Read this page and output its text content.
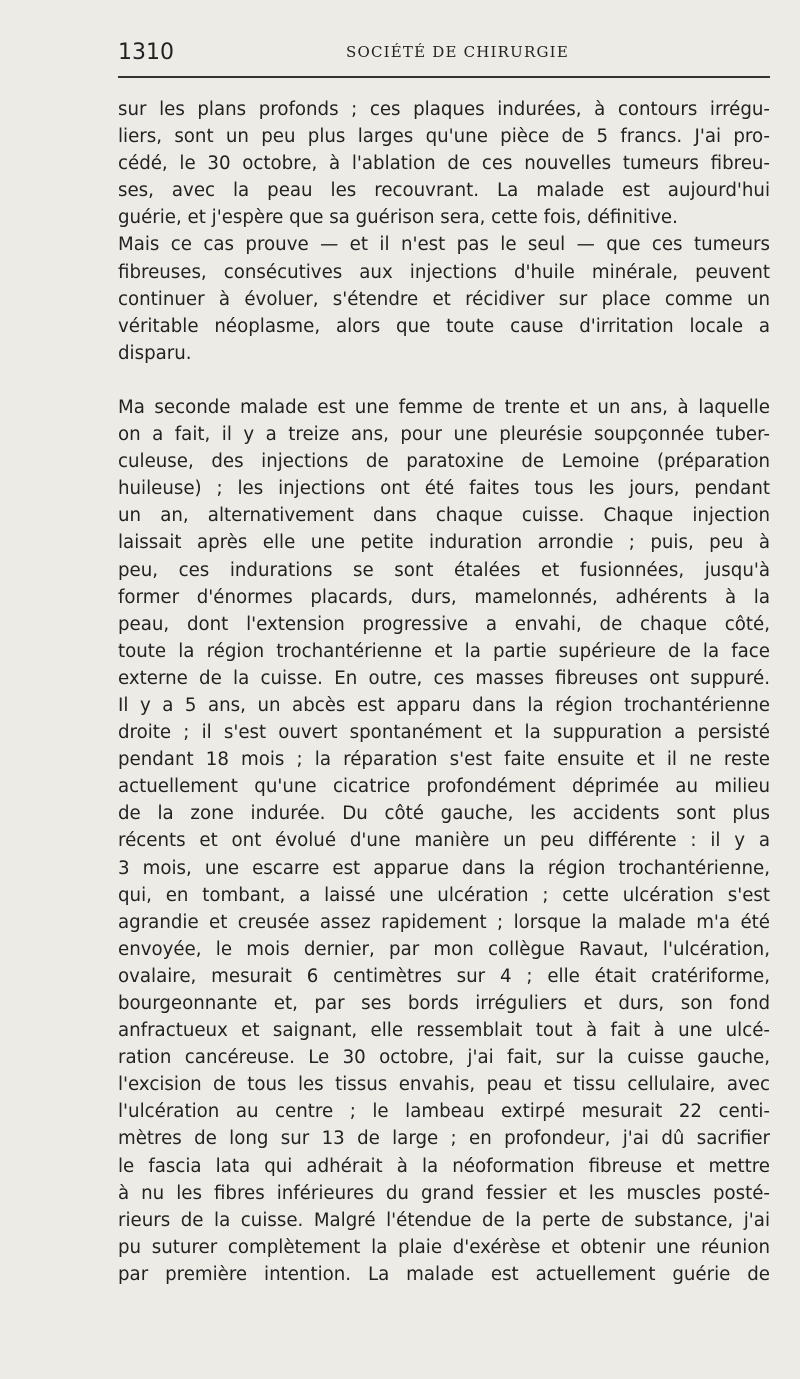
1310	SOCIÉTÉ DE CHIRURGIE
sur les plans profonds ; ces plaques indurées, à contours irrégu-
liers, sont un peu plus larges qu'une pièce de 5 francs. J'ai pro-
cédé, le 30 octobre, à l'ablation de ces nouvelles tumeurs fibreu-
ses, avec la peau les recouvrant. La malade est aujourd'hui
guérie, et j'espère que sa guérison sera, cette fois, définitive.
Mais ce cas prouve — et il n'est pas le seul — que ces tumeurs
fibreuses, consécutives aux injections d'huile minérale, peuvent
continuer à évoluer, s'étendre et récidiver sur place comme un
véritable néoplasme, alors que toute cause d'irritation locale a
disparu.
Ma seconde malade est une femme de trente et un ans, à laquelle
on a fait, il y a treize ans, pour une pleurésie soupçonnée tuber-
culeuse, des injections de paratoxine de Lemoine (préparation
huileuse) ; les injections ont été faites tous les jours, pendant
un an, alternativement dans chaque cuisse. Chaque injection
laissait après elle une petite induration arrondie ; puis, peu à
peu, ces indurations se sont étalées et fusionnées, jusqu'à
former d'énormes placards, durs, mamelonnés, adhérents à la
peau, dont l'extension progressive a envahi, de chaque côté,
toute la région trochantérienne et la partie supérieure de la face
externe de la cuisse. En outre, ces masses fibreuses ont suppuré.
Il y a 5 ans, un abcès est apparu dans la région trochantérienne
droite ; il s'est ouvert spontanément et la suppuration a persisté
pendant 18 mois ; la réparation s'est faite ensuite et il ne reste
actuellement qu'une cicatrice profondément déprimée au milieu
de la zone indurée. Du côté gauche, les accidents sont plus
récents et ont évolué d'une manière un peu différente : il y a
3 mois, une escarre est apparue dans la région trochantérienne,
qui, en tombant, a laissé une ulcération ; cette ulcération s'est
agrandie et creusée assez rapidement ; lorsque la malade m'a été
envoyée, le mois dernier, par mon collègue Ravaut, l'ulcération,
ovalaire, mesurait 6 centimètres sur 4 ; elle était cratériforme,
bourgeonnante et, par ses bords irréguliers et durs, son fond
anfractueux et saignant, elle ressemblait tout à fait à une ulcé-
ration cancéreuse. Le 30 octobre, j'ai fait, sur la cuisse gauche,
l'excision de tous les tissus envahis, peau et tissu cellulaire, avec
l'ulcération au centre ; le lambeau extirpé mesurait 22 centi-
mètres de long sur 13 de large ; en profondeur, j'ai dû sacrifier
le fascia lata qui adhérait à la néoformation fibreuse et mettre
à nu les fibres inférieures du grand fessier et les muscles posté-
rieurs de la cuisse. Malgré l'étendue de la perte de substance, j'ai
pu suturer complètement la plaie d'exérèse et obtenir une réunion
par première intention. La malade est actuellement guérie de
